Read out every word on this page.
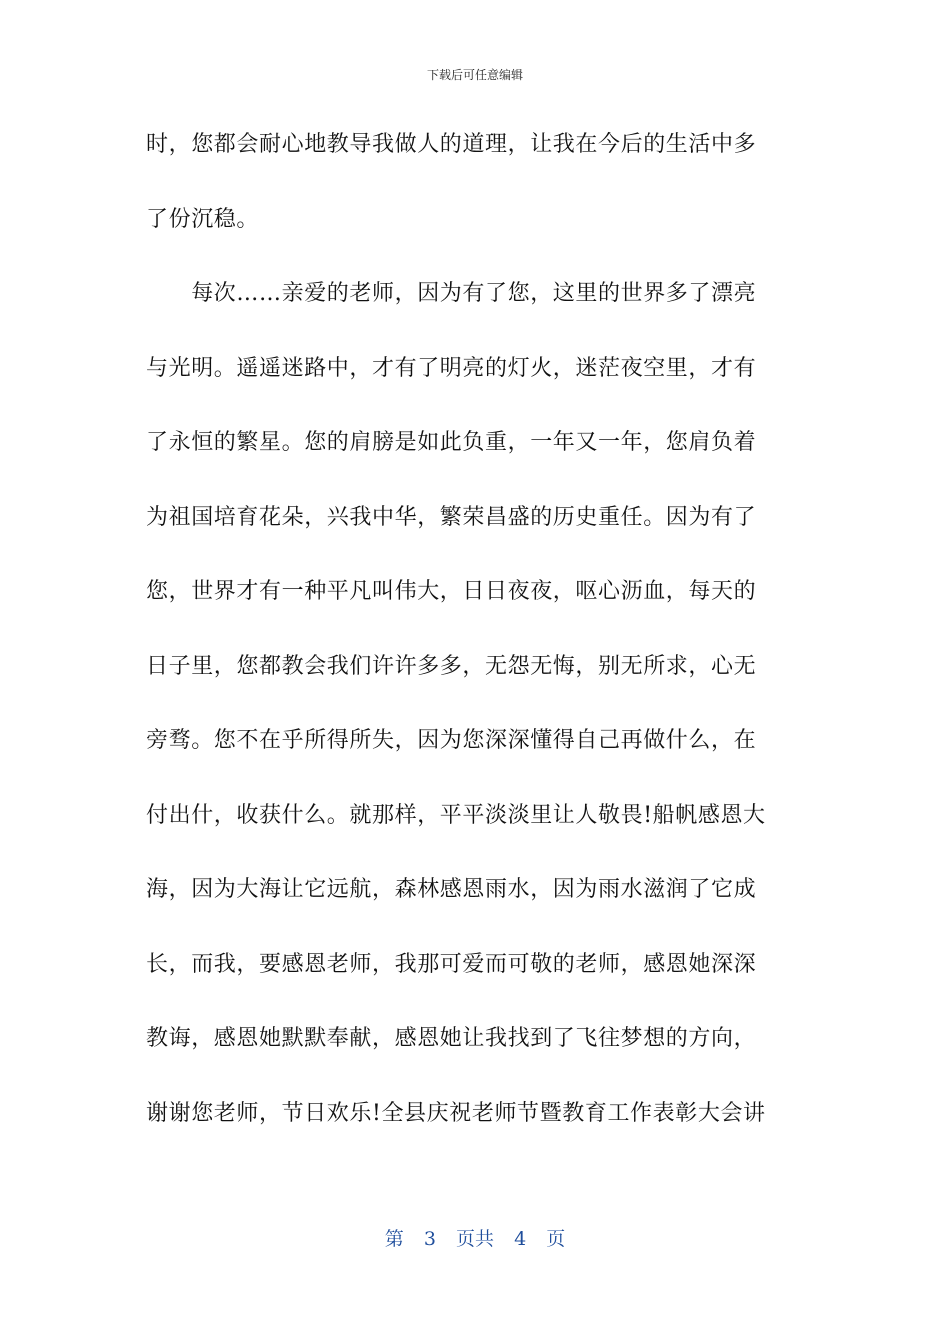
下载后可任意编辑
时，您都会耐心地教导我做人的道理，让我在今后的生活中多
了份沉稳。
　　每次……亲爱的老师，因为有了您，这里的世界多了漂亮
与光明。遥遥迷路中，才有了明亮的灯火，迷茫夜空里，才有
了永恒的繁星。您的肩膀是如此负重，一年又一年，您肩负着
为祖国培育花朵，兴我中华，繁荣昌盛的历史重任。因为有了
您，世界才有一种平凡叫伟大，日日夜夜，呕心沥血，每天的
日子里，您都教会我们许许多多，无怨无悔，别无所求，心无
旁骛。您不在乎所得所失，因为您深深懂得自己再做什么，在
付出什，收获什么。就那样，平平淡淡里让人敬畏!船帆感恩大
海，因为大海让它远航，森林感恩雨水，因为雨水滋润了它成
长，而我，要感恩老师，我那可爱而可敬的老师，感恩她深深
教诲，感恩她默默奉献，感恩她让我找到了飞往梦想的方向，
谢谢您老师，节日欢乐!全县庆祝老师节暨教育工作表彰大会讲
第  3  页共  4  页
